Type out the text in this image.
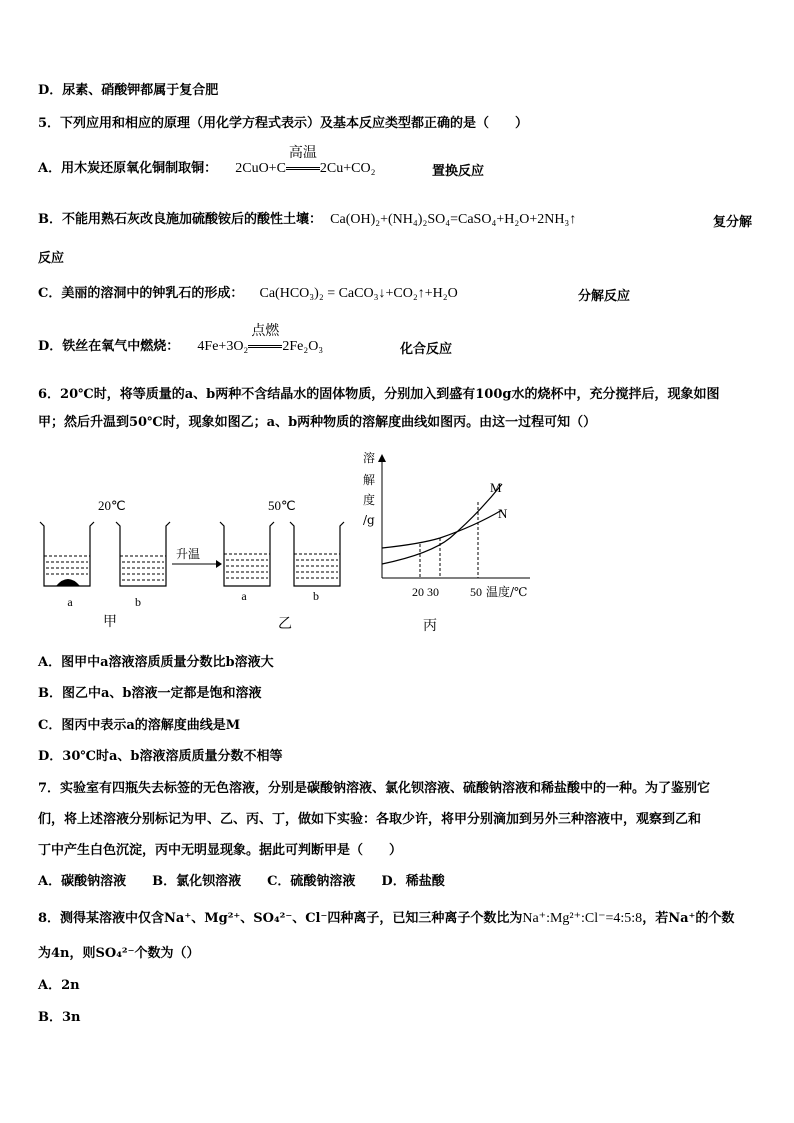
D．尿素、硝酸钾都属于复合肥
5．下列应用和相应的原理（用化学方程式表示）及基本反应类型都正确的是（　　）
A．用木炭还原氧化铜制取铜： 2CuO+C
高温
2Cu+CO₂	置换反应
B．不能用熟石灰改良施加硫酸铵后的酸性土壤： Ca(OH)₂+(NH₄)₂SO₄=CaSO₄+H₂O+2NH₃↑	复分解
反应
C．美丽的溶洞中的钟乳石的形成： Ca(HCO₃)₂ = CaCO₃↓+CO₂↑+H₂O	分解反应
D．铁丝在氧气中燃烧： 4Fe+3O₂
点燃
2Fe₂O₃	化合反应
6．20℃时，将等质量的a、b两种不含结晶水的固体物质，分别加入到盛有100g水的烧杯中，充分搅拌后，现象如图
甲；然后升温到50℃时，现象如图乙；a、b两种物质的溶解度曲线如图丙。由这一过程可知（）
20℃	50℃
a	b
甲
升温
a	b
乙
溶
解
度
/g
M
N
20 30	50 温度/℃
丙
A．图甲中a溶液溶质质量分数比b溶液大
B．图乙中a、b溶液一定都是饱和溶液
C．图丙中表示a的溶解度曲线是M
D．30℃时a、b溶液溶质质量分数不相等
7．实验室有四瓶失去标签的无色溶液，分别是碳酸钠溶液、氯化钡溶液、硫酸钠溶液和稀盐酸中的一种。为了鉴别它
们，将上述溶液分别标记为甲、乙、丙、丁，做如下实验：各取少许，将甲分别滴加到另外三种溶液中，观察到乙和
丁中产生白色沉淀，丙中无明显现象。据此可判断甲是（　　）
A．碳酸钠溶液　　B．氯化钡溶液　　C．硫酸钠溶液　　D．稀盐酸
8．测得某溶液中仅含Na⁺、Mg²⁺、SO₄²⁻、Cl⁻四种离子，已知三种离子个数比为Na⁺:Mg²⁺:Cl⁻=4:5:8，若Na⁺的个数
为4n，则SO₄²⁻个数为（）
A．2n
B．3n
